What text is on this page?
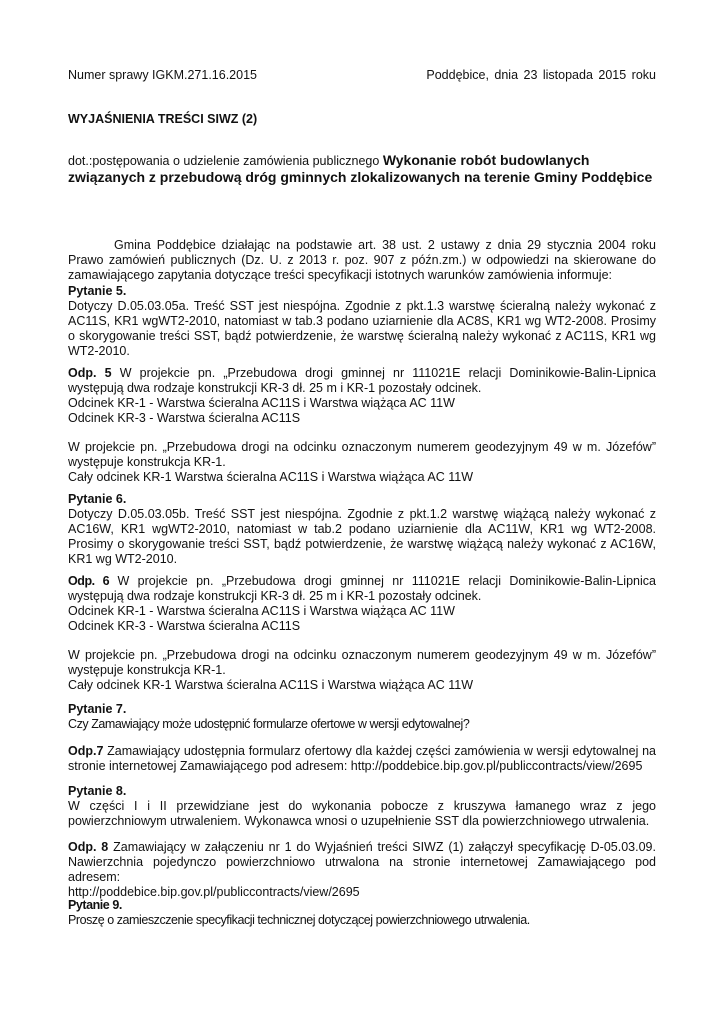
Numer sprawy IGKM.271.16.2015	Poddębice, dnia 23 listopada 2015 roku
WYJAŚNIENIA TREŚCI SIWZ (2)
dot.:postępowania o udzielenie zamówienia publicznego Wykonanie robót budowlanych związanych z przebudową dróg gminnych zlokalizowanych na terenie Gminy Poddębice
Gmina Poddębice działając na podstawie art. 38 ust. 2 ustawy z dnia 29 stycznia 2004 roku Prawo zamówień publicznych (Dz. U. z 2013 r. poz. 907 z późn.zm.) w odpowiedzi na skierowane do zamawiającego zapytania dotyczące treści specyfikacji istotnych warunków zamówienia informuje:
Pytanie 5.
Dotyczy D.05.03.05a. Treść SST jest niespójna. Zgodnie z pkt.1.3 warstwę ścieralną należy wykonać z AC11S, KR1 wgWT2-2010, natomiast w tab.3 podano uziarnienie dla AC8S, KR1 wg WT2-2008. Prosimy o skorygowanie treści SST, bądź potwierdzenie, że warstwę ścieralną należy wykonać z AC11S, KR1 wg WT2-2010.
Odp. 5 W projekcie pn. „Przebudowa drogi gminnej nr 111021E relacji Dominikowie-Balin-Lipnica występują dwa rodzaje konstrukcji KR-3 dł. 25 m i KR-1 pozostały odcinek.
Odcinek KR-1 - Warstwa ścieralna AC11S i Warstwa wiążąca AC 11W
Odcinek KR-3 - Warstwa ścieralna AC11S
W projekcie pn. „Przebudowa drogi na odcinku oznaczonym numerem geodezyjnym 49 w m. Józefów” występuje konstrukcja KR-1.
Cały odcinek KR-1 Warstwa ścieralna AC11S i Warstwa wiążąca AC 11W
Pytanie 6.
Dotyczy D.05.03.05b. Treść SST jest niespójna. Zgodnie z pkt.1.2 warstwę wiążącą należy wykonać z AC16W, KR1 wgWT2-2010, natomiast w tab.2 podano uziarnienie dla AC11W, KR1 wg WT2-2008. Prosimy o skorygowanie treści SST, bądź potwierdzenie, że warstwę wiążącą należy wykonać z AC16W, KR1 wg WT2-2010.
Odp. 6 W projekcie pn. „Przebudowa drogi gminnej nr 111021E relacji Dominikowie-Balin-Lipnica występują dwa rodzaje konstrukcji KR-3 dł. 25 m i KR-1 pozostały odcinek.
Odcinek KR-1 - Warstwa ścieralna AC11S i Warstwa wiążąca AC 11W
Odcinek KR-3 - Warstwa ścieralna AC11S
W projekcie pn. „Przebudowa drogi na odcinku oznaczonym numerem geodezyjnym 49 w m. Józefów” występuje konstrukcja KR-1.
Cały odcinek KR-1 Warstwa ścieralna AC11S i Warstwa wiążąca AC 11W
Pytanie 7.
Czy Zamawiający może udostępnić formularze ofertowe w wersji edytowalnej?
Odp.7 Zamawiający udostępnia formularz ofertowy dla każdej części zamówienia w wersji edytowalnej na stronie internetowej Zamawiającego pod adresem: http://poddebice.bip.gov.pl/publiccontracts/view/2695
Pytanie 8.
W części I i II przewidziane jest do wykonania pobocze z kruszywa łamanego wraz z jego powierzchniowym utrwaleniem. Wykonawca wnosi o uzupełnienie SST dla powierzchniowego utrwalenia.
Odp. 8 Zamawiający w załączeniu nr 1 do Wyjaśnień treści SIWZ (1) załączył specyfikację D-05.03.09. Nawierzchnia pojedynczo powierzchniowo utrwalona na stronie internetowej Zamawiającego pod adresem:
http://poddebice.bip.gov.pl/publiccontracts/view/2695
Pytanie 9.
Proszę o zamieszczenie specyfikacji technicznej dotyczącej powierzchniowego utrwalenia.
